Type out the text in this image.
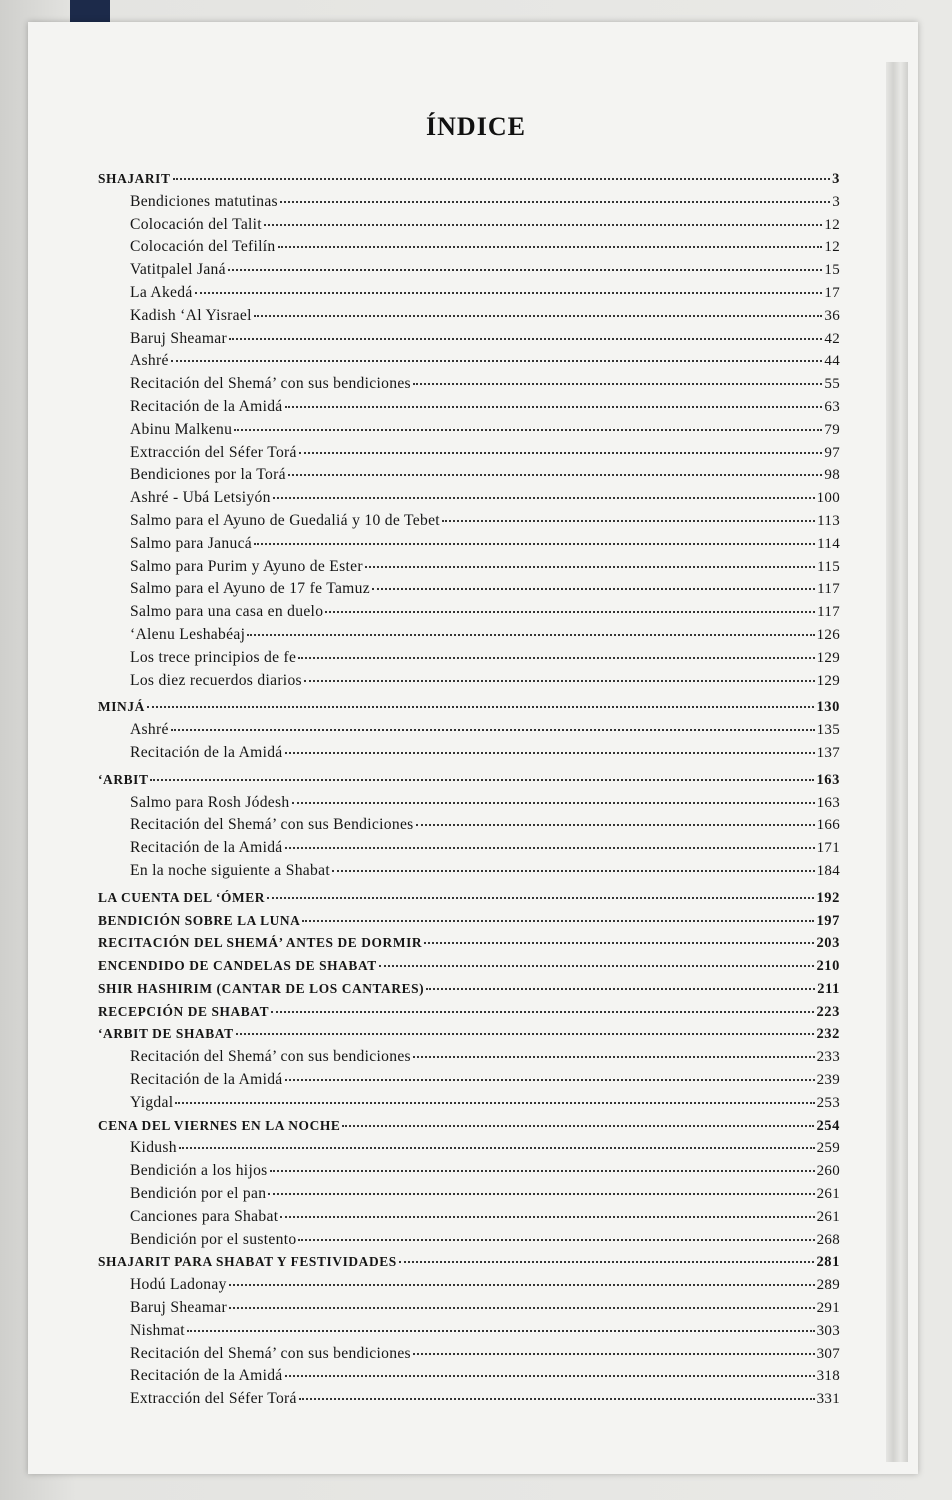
ÍNDICE
SHAJARIT	3
Bendiciones matutinas	3
Colocación del Talit	12
Colocación del Tefilín	12
Vatitpalel Janá	15
La Akedá	17
Kadish ‘Al Yisrael	36
Baruj Sheamar	42
Ashré	44
Recitación del Shemá’ con sus bendiciones	55
Recitación de la Amidá	63
Abinu Malkenu	79
Extracción del Séfer Torá	97
Bendiciones por la Torá	98
Ashré - Ubá Letsiyón	100
Salmo para el Ayuno de Guedaliá y 10 de Tebet	113
Salmo para Janucá	114
Salmo para Purim y Ayuno de Ester	115
Salmo para el Ayuno de 17 fe Tamuz	117
Salmo para una casa en duelo	117
‘Alenu Leshabéaj	126
Los trece principios de fe	129
Los diez recuerdos diarios	129
MINJÁ	130
Ashré	135
Recitación de la Amidá	137
‘ARBIT	163
Salmo para Rosh Jódesh	163
Recitación del Shemá’ con sus Bendiciones	166
Recitación de la Amidá	171
En la noche siguiente a Shabat	184
LA CUENTA DEL ‘ÓMER	192
BENDICIÓN SOBRE LA LUNA	197
RECITACIÓN DEL SHEMÁ’ ANTES DE DORMIR	203
ENCENDIDO DE CANDELAS DE SHABAT	210
SHIR HASHIRIM (CANTAR DE LOS CANTARES)	211
RECEPCIÓN DE SHABAT	223
‘ARBIT DE SHABAT	232
Recitación del Shemá’ con sus bendiciones	233
Recitación de la Amidá	239
Yigdal	253
CENA DEL VIERNES EN LA NOCHE	254
Kidush	259
Bendición a los hijos	260
Bendición por el pan	261
Canciones para Shabat	261
Bendición por el sustento	268
SHAJARIT PARA SHABAT Y FESTIVIDADES	281
Hodú Ladonay	289
Baruj Sheamar	291
Nishmat	303
Recitación del Shemá’ con sus bendiciones	307
Recitación de la Amidá	318
Extracción del Séfer Torá	331
